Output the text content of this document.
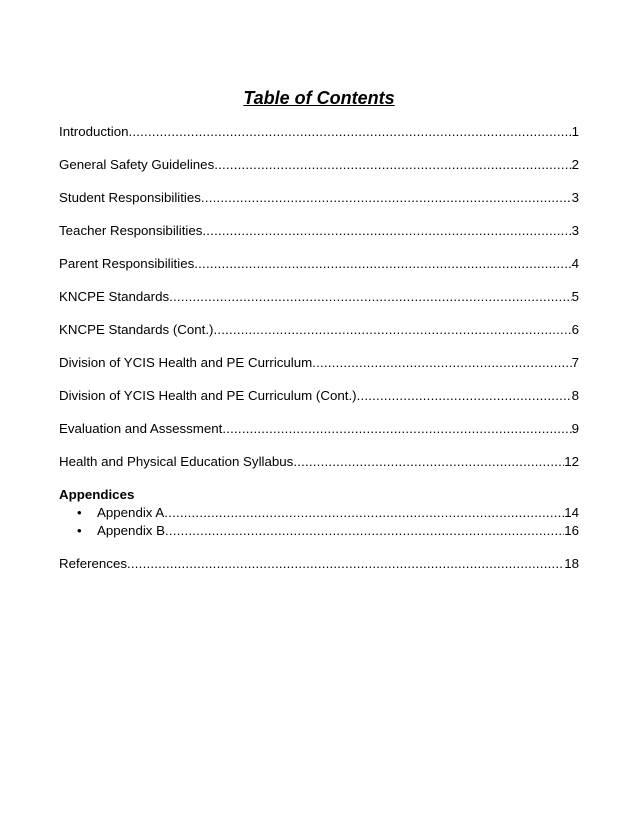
Table of Contents
Introduction .....	1
General Safety Guidelines .....	2
Student Responsibilities .....	3
Teacher Responsibilities .....	3
Parent Responsibilities .....	4
KNCPE Standards .....	5
KNCPE Standards (Cont.) .....	6
Division of YCIS Health and PE Curriculum .....	7
Division of YCIS Health and PE Curriculum (Cont.) .....	8
Evaluation and Assessment .....	9
Health and Physical Education Syllabus .....	12
Appendices
•	Appendix A .....	14
•	Appendix B .....	16
References .....	18
